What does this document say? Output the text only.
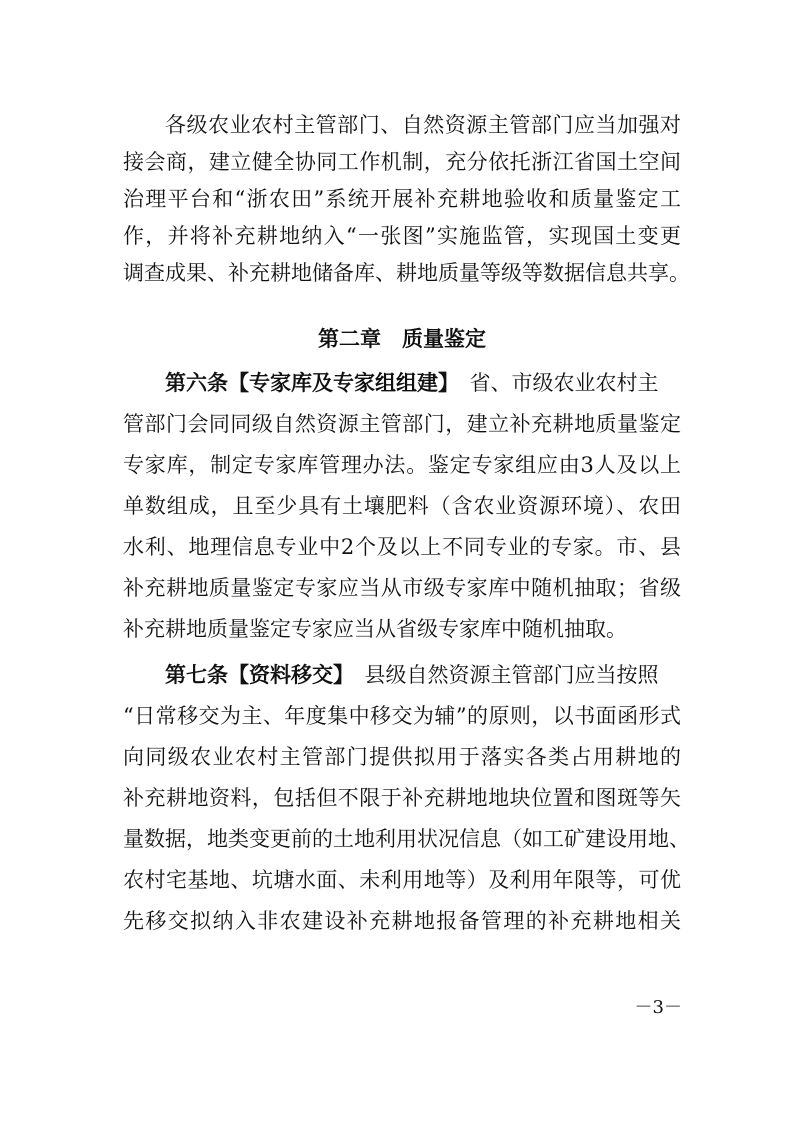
各级农业农村主管部门、自然资源主管部门应当加强对
接会商，建立健全协同工作机制，充分依托浙江省国土空间
治理平台和“浙农田”系统开展补充耕地验收和质量鉴定工
作，并将补充耕地纳入“一张图”实施监管，实现国土变更
调查成果、补充耕地储备库、耕地质量等级等数据信息共享。
第二章　质量鉴定
第六条【专家库及专家组组建】　省、市级农业农村主
管部门会同同级自然资源主管部门，建立补充耕地质量鉴定
专家库，制定专家库管理办法。鉴定专家组应由3人及以上
单数组成，且至少具有土壤肥料（含农业资源环境）、农田
水利、地理信息专业中2个及以上不同专业的专家。市、县
补充耕地质量鉴定专家应当从市级专家库中随机抽取；省级
补充耕地质量鉴定专家应当从省级专家库中随机抽取。
第七条【资料移交】　县级自然资源主管部门应当按照
“日常移交为主、年度集中移交为辅”的原则，以书面函形式
向同级农业农村主管部门提供拟用于落实各类占用耕地的
补充耕地资料，包括但不限于补充耕地地块位置和图斑等矢
量数据，地类变更前的土地利用状况信息（如工矿建设用地、
农村宅基地、坑塘水面、未利用地等）及利用年限等，可优
先移交拟纳入非农建设补充耕地报备管理的补充耕地相关
－3－
